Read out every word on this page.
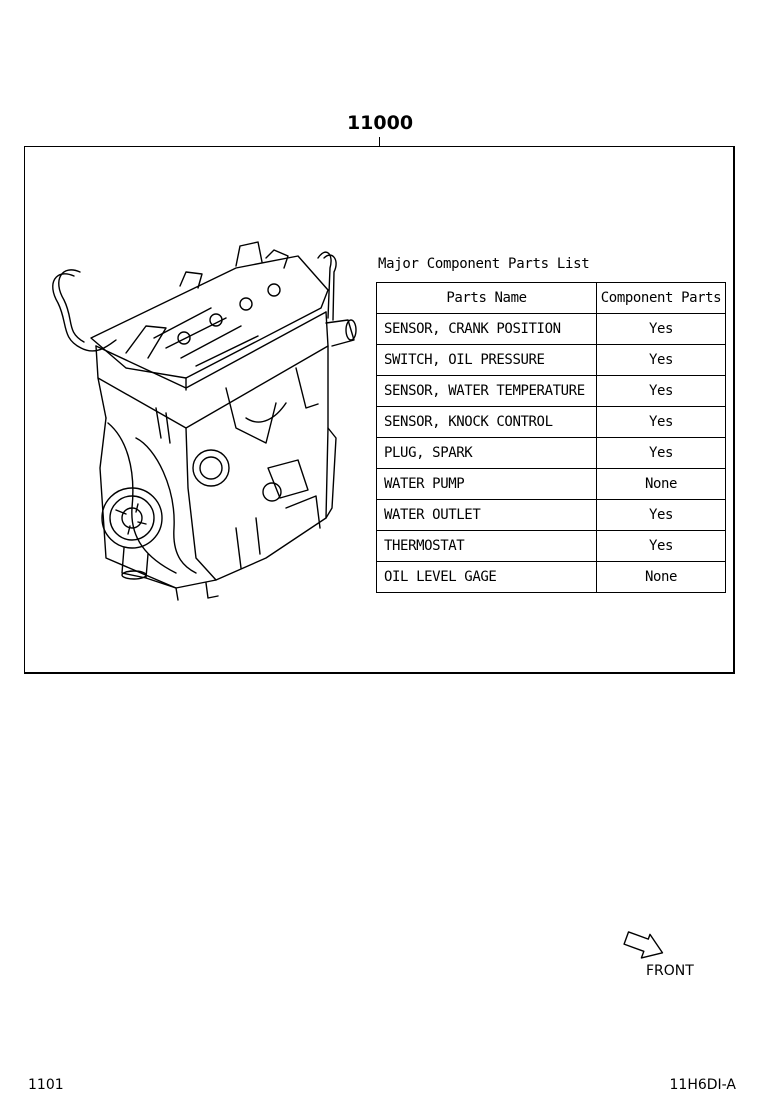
11000
Major Component Parts List
Parts Name	Component Parts
SENSOR, CRANK POSITION	Yes
SWITCH, OIL PRESSURE	Yes
SENSOR, WATER TEMPERATURE	Yes
SENSOR, KNOCK CONTROL	Yes
PLUG, SPARK	Yes
WATER PUMP	None
WATER OUTLET	Yes
THERMOSTAT	Yes
OIL LEVEL GAGE	None
FRONT
1101	11H6DI-A
